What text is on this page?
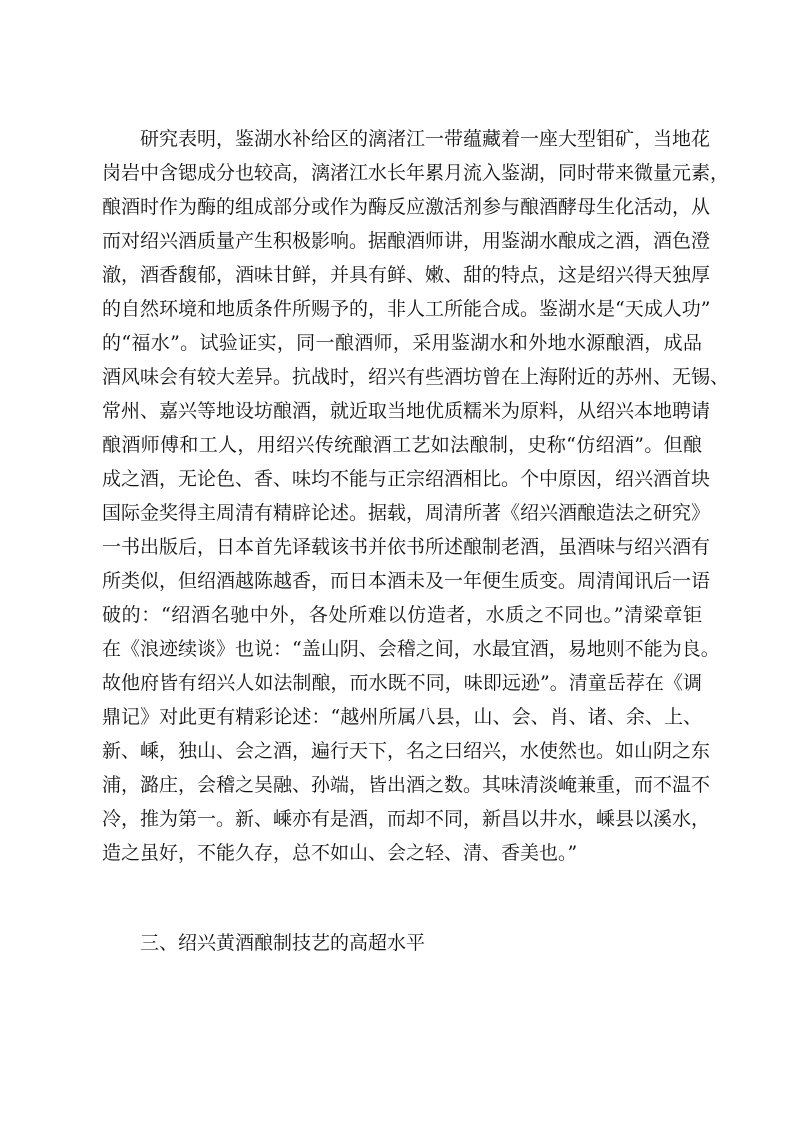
研究表明，鉴湖水补给区的漓渚江一带蕴藏着一座大型钼矿，当地花
岗岩中含锶成分也较高，漓渚江水长年累月流入鉴湖，同时带来微量元素，
酿酒时作为酶的组成部分或作为酶反应激活剂参与酿酒酵母生化活动，从
而对绍兴酒质量产生积极影响。据酿酒师讲，用鉴湖水酿成之酒，酒色澄
澈，酒香馥郁，酒味甘鲜，并具有鲜、嫩、甜的特点，这是绍兴得天独厚
的自然环境和地质条件所赐予的，非人工所能合成。鉴湖水是“天成人功”
的“福水”。试验证实，同一酿酒师，采用鉴湖水和外地水源酿酒，成品
酒风味会有较大差异。抗战时，绍兴有些酒坊曾在上海附近的苏州、无锡、
常州、嘉兴等地设坊酿酒，就近取当地优质糯米为原料，从绍兴本地聘请
酿酒师傅和工人，用绍兴传统酿酒工艺如法酿制，史称“仿绍酒”。但酿
成之酒，无论色、香、味均不能与正宗绍酒相比。个中原因，绍兴酒首块
国际金奖得主周清有精辟论述。据载，周清所著《绍兴酒酿造法之研究》
一书出版后，日本首先译载该书并依书所述酿制老酒，虽酒味与绍兴酒有
所类似，但绍酒越陈越香，而日本酒未及一年便生质变。周清闻讯后一语
破的：“绍酒名驰中外，各处所难以仿造者，水质之不同也。”清梁章钜
在《浪迹续谈》也说：“盖山阴、会稽之间，水最宜酒，易地则不能为良。
故他府皆有绍兴人如法制酿，而水既不同，味即远逊”。清童岳荐在《调
鼎记》对此更有精彩论述：“越州所属八县，山、会、肖、诸、余、上、
新、嵊，独山、会之酒，遍行天下，名之曰绍兴，水使然也。如山阴之东
浦，潞庄，会稽之吴融、孙端，皆出酒之数。其味清淡崦兼重，而不温不
冷，推为第一。新、嵊亦有是酒，而却不同，新昌以井水，嵊县以溪水，
造之虽好，不能久存，总不如山、会之轻、清、香美也。”
三、绍兴黄酒酿制技艺的高超水平
